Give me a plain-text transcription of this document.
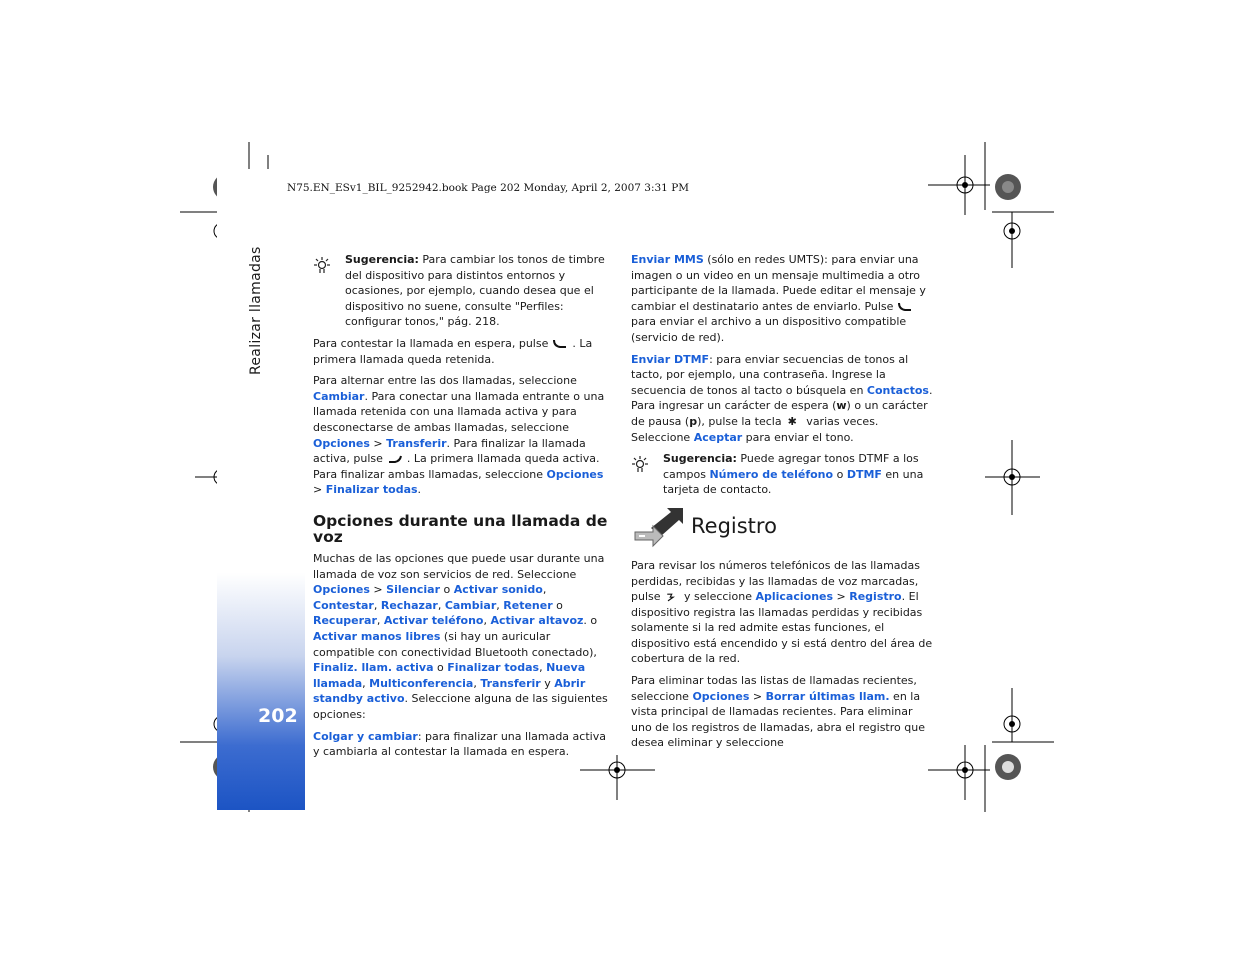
Realizar llamadas
202
N75.EN_ESv1_BIL_9252942.book Page 202 Monday, April 2, 2007 3:31 PM
Sugerencia: Para cambiar los tonos de timbre del dispositivo para distintos entornos y ocasiones, por ejemplo, cuando desea que el dispositivo no suene, consulte "Perfiles: configurar tonos," pág. 218.

Para contestar la llamada en espera, pulse . La primera llamada queda retenida.

Para alternar entre las dos llamadas, seleccione Cambiar. Para conectar una llamada entrante o una llamada retenida con una llamada activa y para desconectarse de ambas llamadas, seleccione Opciones > Transferir. Para finalizar la llamada activa, pulse . La primera llamada queda activa. Para finalizar ambas llamadas, seleccione Opciones > Finalizar todas.

Opciones durante una llamada de voz

Muchas de las opciones que puede usar durante una llamada de voz son servicios de red. Seleccione Opciones > Silenciar o Activar sonido, Contestar, Rechazar, Cambiar, Retener o Recuperar, Activar teléfono, Activar altavoz. o Activar manos libres (si hay un auricular compatible con conectividad Bluetooth conectado), Finaliz. llam. activa o Finalizar todas, Nueva llamada, Multiconferencia, Transferir y Abrir standby activo. Seleccione alguna de las siguientes opciones:

Colgar y cambiar: para finalizar una llamada activa y cambiarla al contestar la llamada en espera.

Enviar MMS (sólo en redes UMTS): para enviar una imagen o un video en un mensaje multimedia a otro participante de la llamada. Puede editar el mensaje y cambiar el destinatario antes de enviarlo. Pulse para enviar el archivo a un dispositivo compatible (servicio de red).

Enviar DTMF: para enviar secuencias de tonos al tacto, por ejemplo, una contraseña. Ingrese la secuencia de tonos al tacto o búsquela en Contactos. Para ingresar un carácter de espera (w) o un carácter de pausa (p), pulse la tecla ✱ varias veces. Seleccione Aceptar para enviar el tono.

Sugerencia: Puede agregar tonos DTMF a los campos Número de teléfono o DTMF en una tarjeta de contacto.
Registro

Para revisar los números telefónicos de las llamadas perdidas, recibidas y las llamadas de voz marcadas, pulse y seleccione Aplicaciones > Registro. El dispositivo registra las llamadas perdidas y recibidas solamente si la red admite estas funciones, el dispositivo está encendido y si está dentro del área de cobertura de la red.

Para eliminar todas las listas de llamadas recientes, seleccione Opciones > Borrar últimas llam. en la vista principal de llamadas recientes. Para eliminar uno de los registros de llamadas, abra el registro que desea eliminar y seleccione
